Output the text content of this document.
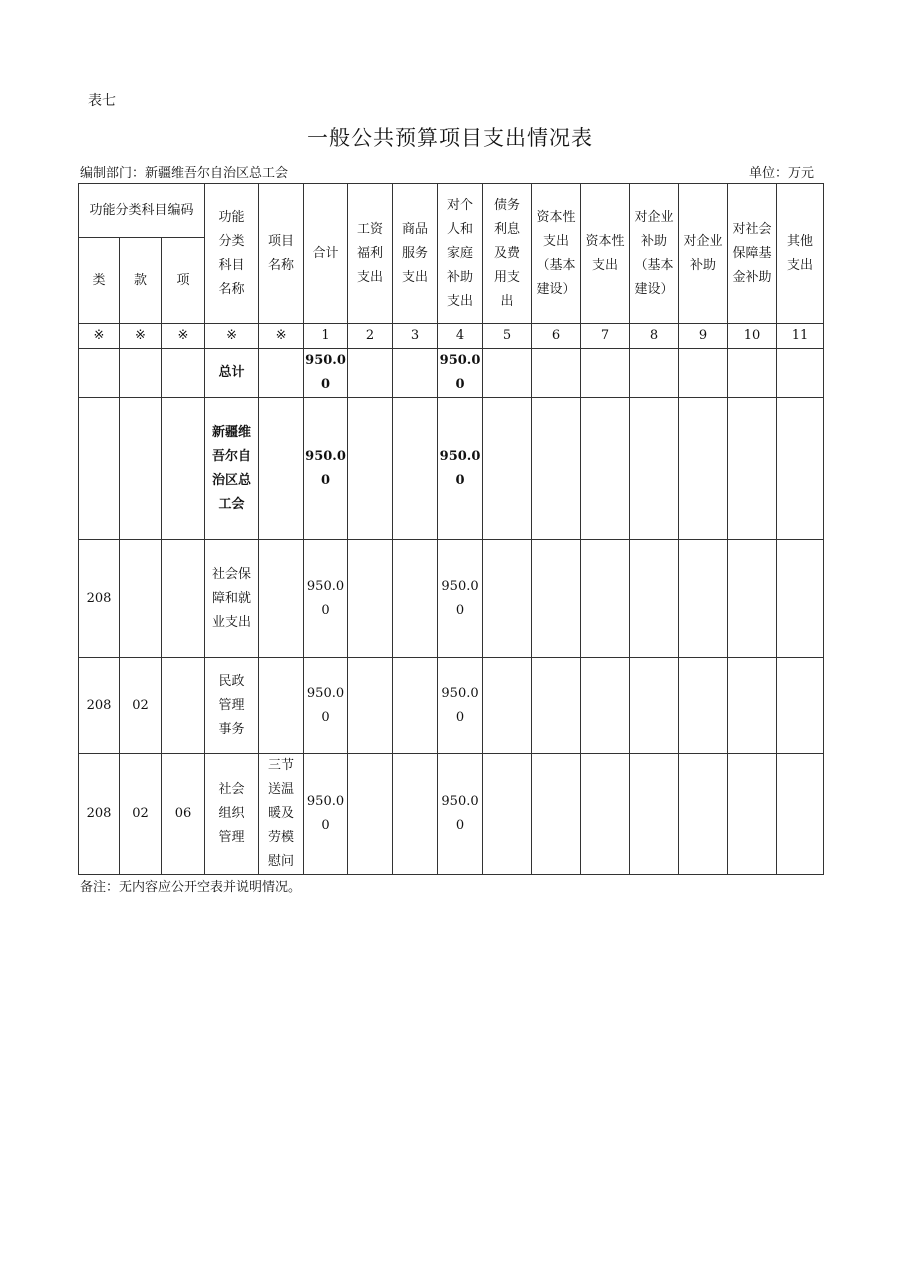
表七
一般公共预算项目支出情况表
编制部门：新疆维吾尔自治区总工会	单位：万元
功能分类科目编码			功能分类科目名称	项目名称	合计	工资福利支出	商品服务支出	对个人和家庭补助支出	债务利息及费用支出	资本性支出（基本建设）	资本性支出	对企业补助（基本建设）	对企业补助	对社会保障基金补助	其他支出

类	款	项													
※	※	※	※	※	1	2	3	4	5	6	7	8	9	10	11

			总计		950.00			950.00							

			新疆维吾尔自治区总工会		950.00			950.00							

208			社会保障和就业支出		950.00			950.00							

208	02		民政管理事务		950.00			950.00							

208	02	06	社会组织管理	三节送温暖及劳模慰问	950.00			950.00							

备注：无内容应公开空表并说明情况。
